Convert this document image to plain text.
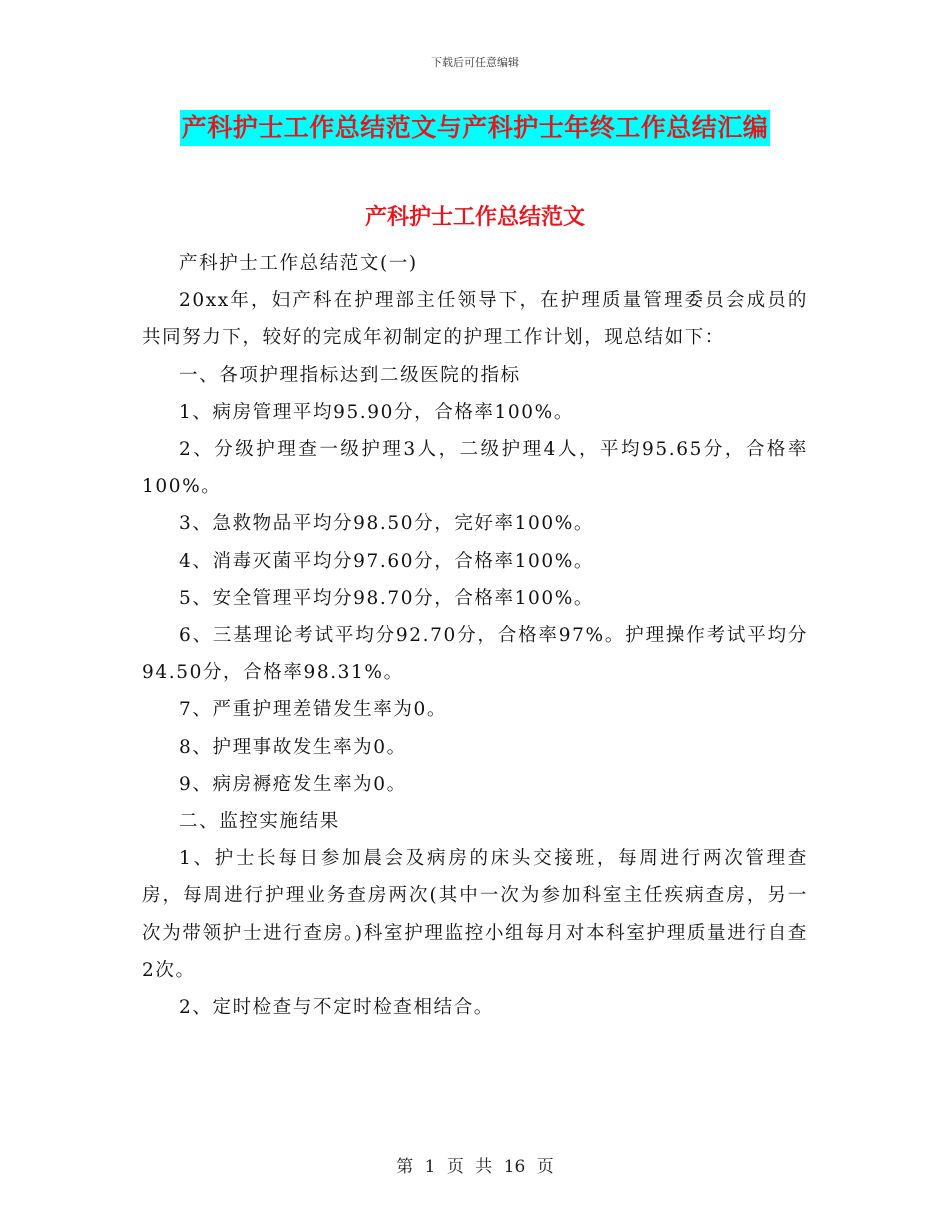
下载后可任意编辑
产科护士工作总结范文与产科护士年终工作总结汇编
产科护士工作总结范文

产科护士工作总结范文(一)

20xx年，妇产科在护理部主任领导下，在护理质量管理委员会成员的共同努力下，较好的完成年初制定的护理工作计划，现总结如下：

一、各项护理指标达到二级医院的指标

1、病房管理平均95.90分，合格率100%。

2、分级护理查一级护理3人，二级护理4人，平均95.65分，合格率100%。

3、急救物品平均分98.50分，完好率100%。

4、消毒灭菌平均分97.60分，合格率100%。

5、安全管理平均分98.70分，合格率100%。

6、三基理论考试平均分92.70分，合格率97%。护理操作考试平均分94.50分，合格率98.31%。

7、严重护理差错发生率为0。

8、护理事故发生率为0。

9、病房褥疮发生率为0。

二、监控实施结果

1、护士长每日参加晨会及病房的床头交接班，每周进行两次管理查房，每周进行护理业务查房两次(其中一次为参加科室主任疾病查房，另一次为带领护士进行查房。)科室护理监控小组每月对本科室护理质量进行自查2次。

2、定时检查与不定时检查相结合。

第 1 页 共 16 页
